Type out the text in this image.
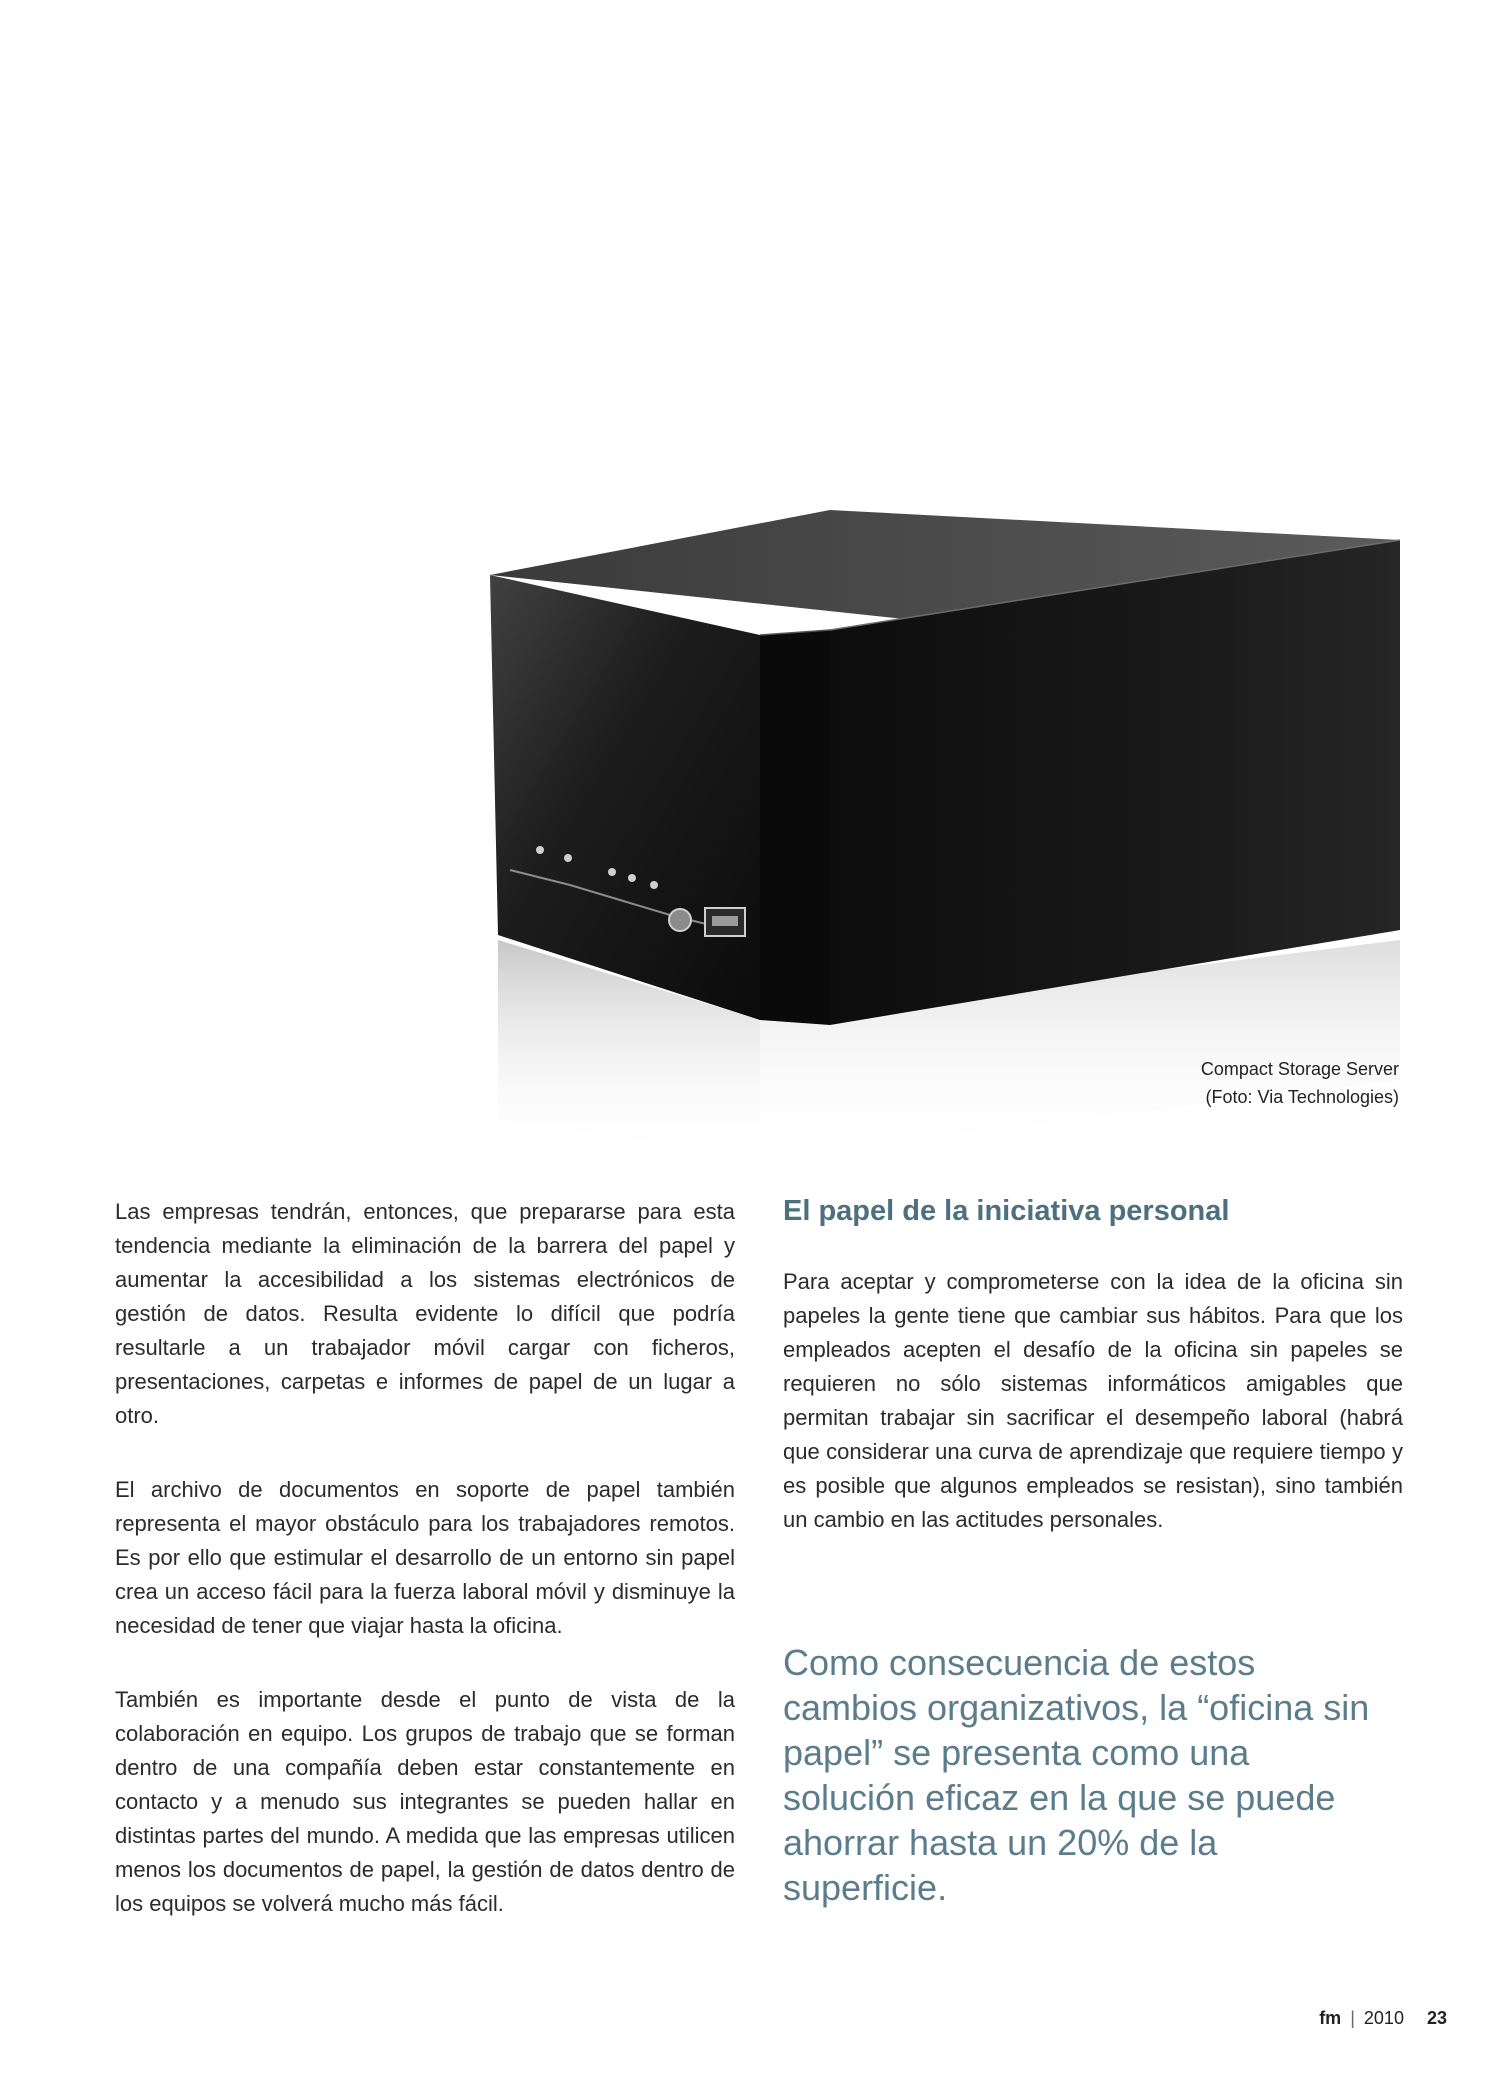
Compact Storage Server
(Foto: Via Technologies)

Las empresas tendrán, entonces, que prepararse para esta tendencia mediante la eliminación de la barrera del papel y aumentar la accesibilidad a los sistemas electrónicos de gestión de datos. Resulta evidente lo difícil que podría resultarle a un trabajador móvil cargar con ficheros, presentaciones, carpetas e informes de papel de un lugar a otro.

El archivo de documentos en soporte de papel también representa el mayor obstáculo para los trabajadores remotos. Es por ello que estimular el desarrollo de un entorno sin papel crea un acceso fácil para la fuerza laboral móvil y disminuye la necesidad de tener que viajar hasta la oficina.

También es importante desde el punto de vista de la colaboración en equipo. Los grupos de trabajo que se forman dentro de una compañía deben estar constantemente en contacto y a menudo sus integrantes se pueden hallar en distintas partes del mundo. A medida que las empresas utilicen menos los documentos de papel, la gestión de datos dentro de los equipos se volverá mucho más fácil.

El papel de la iniciativa personal

Para aceptar y comprometerse con la idea de la oficina sin papeles la gente tiene que cambiar sus hábitos. Para que los empleados acepten el desafío de la oficina sin papeles se requieren no sólo sistemas informáticos amigables que permitan trabajar sin sacrificar el desempeño laboral (habrá que considerar una curva de aprendizaje que requiere tiempo y es posible que algunos empleados se resistan), sino también un cambio en las actitudes personales.

Como consecuencia de estos cambios organizativos, la “oficina sin papel” se presenta como una solución eficaz en la que se puede ahorrar hasta un 20% de la superficie.
fm | 2010 23
